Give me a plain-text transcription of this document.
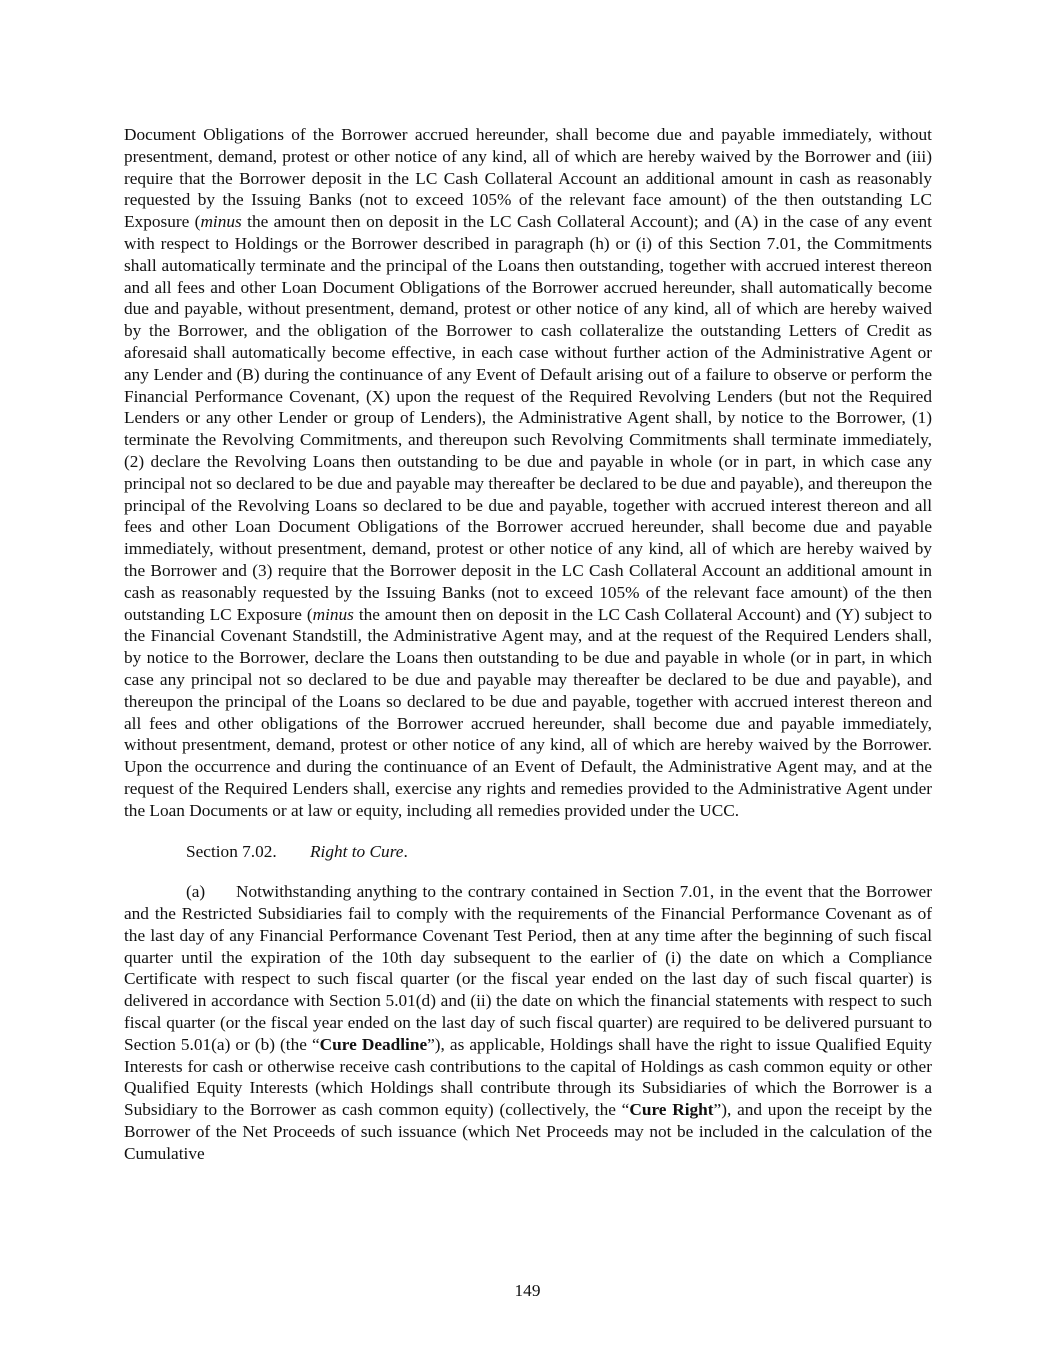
Document Obligations of the Borrower accrued hereunder, shall become due and payable immediately, without presentment, demand, protest or other notice of any kind, all of which are hereby waived by the Borrower and (iii) require that the Borrower deposit in the LC Cash Collateral Account an additional amount in cash as reasonably requested by the Issuing Banks (not to exceed 105% of the relevant face amount) of the then outstanding LC Exposure (minus the amount then on deposit in the LC Cash Collateral Account); and (A) in the case of any event with respect to Holdings or the Borrower described in paragraph (h) or (i) of this Section 7.01, the Commitments shall automatically terminate and the principal of the Loans then outstanding, together with accrued interest thereon and all fees and other Loan Document Obligations of the Borrower accrued hereunder, shall automatically become due and payable, without presentment, demand, protest or other notice of any kind, all of which are hereby waived by the Borrower, and the obligation of the Borrower to cash collateralize the outstanding Letters of Credit as aforesaid shall automatically become effective, in each case without further action of the Administrative Agent or any Lender and (B) during the continuance of any Event of Default arising out of a failure to observe or perform the Financial Performance Covenant, (X) upon the request of the Required Revolving Lenders (but not the Required Lenders or any other Lender or group of Lenders), the Administrative Agent shall, by notice to the Borrower, (1) terminate the Revolving Commitments, and thereupon such Revolving Commitments shall terminate immediately, (2) declare the Revolving Loans then outstanding to be due and payable in whole (or in part, in which case any principal not so declared to be due and payable may thereafter be declared to be due and payable), and thereupon the principal of the Revolving Loans so declared to be due and payable, together with accrued interest thereon and all fees and other Loan Document Obligations of the Borrower accrued hereunder, shall become due and payable immediately, without presentment, demand, protest or other notice of any kind, all of which are hereby waived by the Borrower and (3) require that the Borrower deposit in the LC Cash Collateral Account an additional amount in cash as reasonably requested by the Issuing Banks (not to exceed 105% of the relevant face amount) of the then outstanding LC Exposure (minus the amount then on deposit in the LC Cash Collateral Account) and (Y) subject to the Financial Covenant Standstill, the Administrative Agent may, and at the request of the Required Lenders shall, by notice to the Borrower, declare the Loans then outstanding to be due and payable in whole (or in part, in which case any principal not so declared to be due and payable may thereafter be declared to be due and payable), and thereupon the principal of the Loans so declared to be due and payable, together with accrued interest thereon and all fees and other obligations of the Borrower accrued hereunder, shall become due and payable immediately, without presentment, demand, protest or other notice of any kind, all of which are hereby waived by the Borrower. Upon the occurrence and during the continuance of an Event of Default, the Administrative Agent may, and at the request of the Required Lenders shall, exercise any rights and remedies provided to the Administrative Agent under the Loan Documents or at law or equity, including all remedies provided under the UCC.

Section 7.02. Right to Cure.

(a) Notwithstanding anything to the contrary contained in Section 7.01, in the event that the Borrower and the Restricted Subsidiaries fail to comply with the requirements of the Financial Performance Covenant as of the last day of any Financial Performance Covenant Test Period, then at any time after the beginning of such fiscal quarter until the expiration of the 10th day subsequent to the earlier of (i) the date on which a Compliance Certificate with respect to such fiscal quarter (or the fiscal year ended on the last day of such fiscal quarter) is delivered in accordance with Section 5.01(d) and (ii) the date on which the financial statements with respect to such fiscal quarter (or the fiscal year ended on the last day of such fiscal quarter) are required to be delivered pursuant to Section 5.01(a) or (b) (the “Cure Deadline”), as applicable, Holdings shall have the right to issue Qualified Equity Interests for cash or otherwise receive cash contributions to the capital of Holdings as cash common equity or other Qualified Equity Interests (which Holdings shall contribute through its Subsidiaries of which the Borrower is a Subsidiary to the Borrower as cash common equity) (collectively, the “Cure Right”), and upon the receipt by the Borrower of the Net Proceeds of such issuance (which Net Proceeds may not be included in the calculation of the Cumulative

149
